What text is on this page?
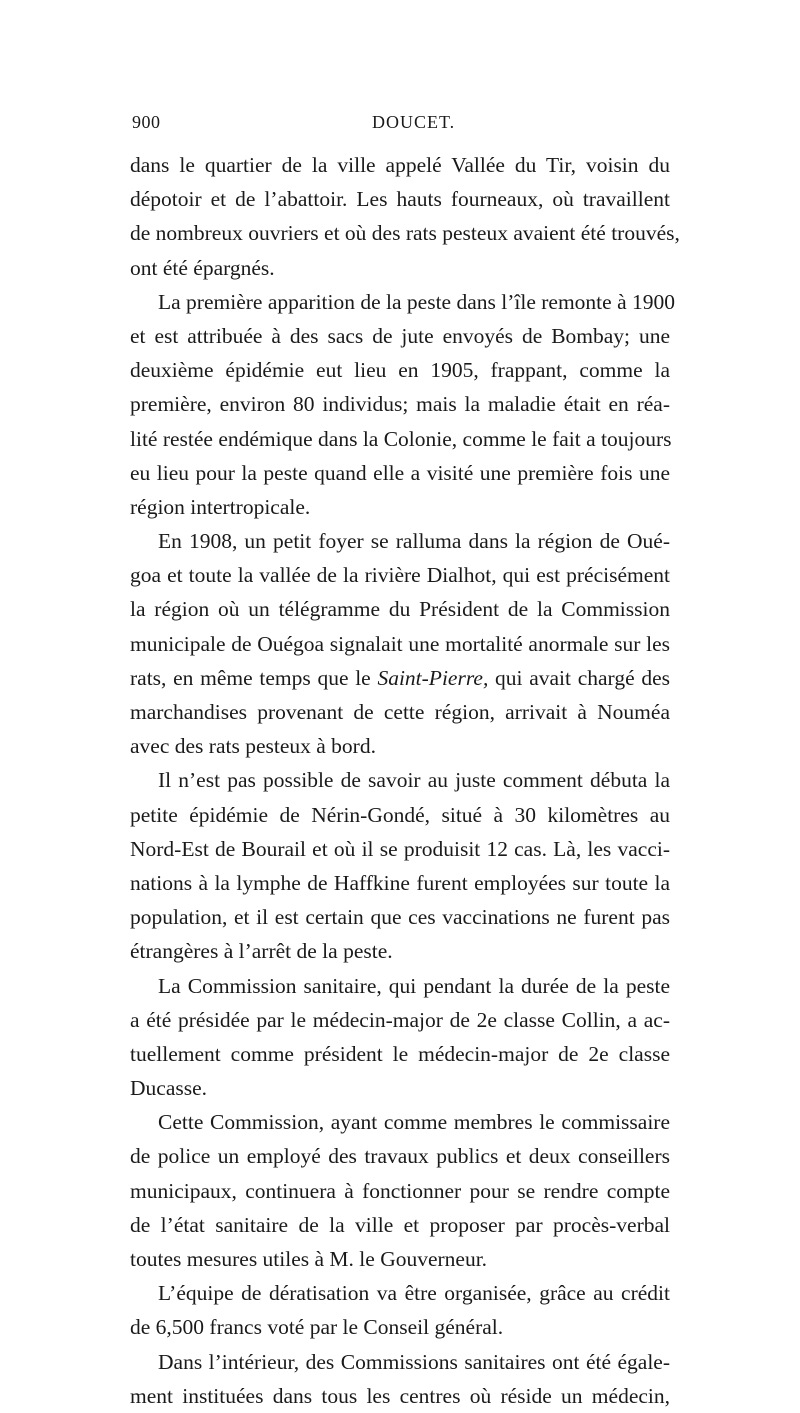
900	DOUCET.
dans le quartier de la ville appelé Vallée du Tir, voisin du
dépotoir et de l’abattoir. Les hauts fourneaux, où travaillent
de nombreux ouvriers et où des rats pesteux avaient été trouvés,
ont été épargnés.
La première apparition de la peste dans l’île remonte à 1900
et est attribuée à des sacs de jute envoyés de Bombay; une
deuxième épidémie eut lieu en 1905, frappant, comme la
première, environ 80 individus; mais la maladie était en réa-
lité restée endémique dans la Colonie, comme le fait a toujours
eu lieu pour la peste quand elle a visité une première fois une
région intertropicale.
En 1908, un petit foyer se ralluma dans la région de Oué-
goa et toute la vallée de la rivière Dialhot, qui est précisément
la région où un télégramme du Président de la Commission
municipale de Ouégoa signalait une mortalité anormale sur les
rats, en même temps que le Saint-Pierre, qui avait chargé des
marchandises provenant de cette région, arrivait à Nouméa
avec des rats pesteux à bord.
Il n’est pas possible de savoir au juste comment débuta la
petite épidémie de Nérin-Gondé, situé à 30 kilomètres au
Nord-Est de Bourail et où il se produisit 12 cas. Là, les vacci-
nations à la lymphe de Haffkine furent employées sur toute la
population, et il est certain que ces vaccinations ne furent pas
étrangères à l’arrêt de la peste.
La Commission sanitaire, qui pendant la durée de la peste
a été présidée par le médecin-major de 2e classe Collin, a ac-
tuellement comme président le médecin-major de 2e classe
Ducasse.
Cette Commission, ayant comme membres le commissaire
de police un employé des travaux publics et deux conseillers
municipaux, continuera à fonctionner pour se rendre compte
de l’état sanitaire de la ville et proposer par procès-verbal
toutes mesures utiles à M. le Gouverneur.
L’équipe de dératisation va être organisée, grâce au crédit
de 6,500 francs voté par le Conseil général.
Dans l’intérieur, des Commissions sanitaires ont été égale-
ment instituées dans tous les centres où réside un médecin,
